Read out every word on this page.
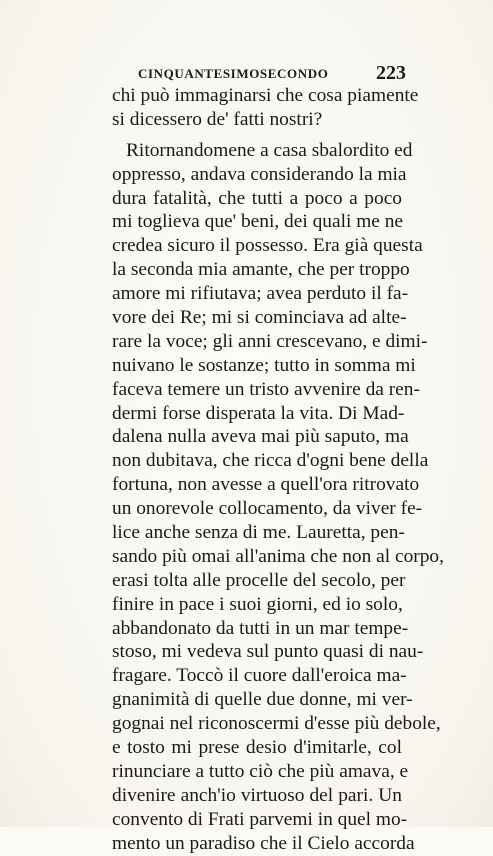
CINQUANTESIMOSECONDO 223
chi può immaginarsi che cosa piamente
si dicessero de' fatti nostri?
Ritornandomene a casa sbalordito ed
oppresso, andava considerando la mia
dura fatalità, che tutti a poco a poco
mi toglieva que' beni, dei quali me ne
credea sicuro il possesso. Era già questa
la seconda mia amante, che per troppo
amore mi rifiutava; avea perduto il fa-
vore dei Re; mi si cominciava ad alte-
rare la voce; gli anni crescevano, e dimi-
nuivano le sostanze; tutto in somma mi
faceva temere un tristo avvenire da ren-
dermi forse disperata la vita. Di Mad-
dalena nulla aveva mai più saputo, ma
non dubitava, che ricca d'ogni bene della
fortuna, non avesse a quell'ora ritrovato
un onorevole collocamento, da viver fe-
lice anche senza di me. Lauretta, pen-
sando più omai all'anima che non al corpo,
erasi tolta alle procelle del secolo, per
finire in pace i suoi giorni, ed io solo,
abbandonato da tutti in un mar tempe-
stoso, mi vedeva sul punto quasi di nau-
fragare. Toccò il cuore dall'eroica ma-
gnanimità di quelle due donne, mi ver-
gognai nel riconoscermi d'esse più debole,
e tosto mi prese desio d'imitarle, col
rinunciare a tutto ciò che più amava, e
divenire anch'io virtuoso del pari. Un
convento di Frati parvemi in quel mo-
mento un paradiso che il Cielo accorda
